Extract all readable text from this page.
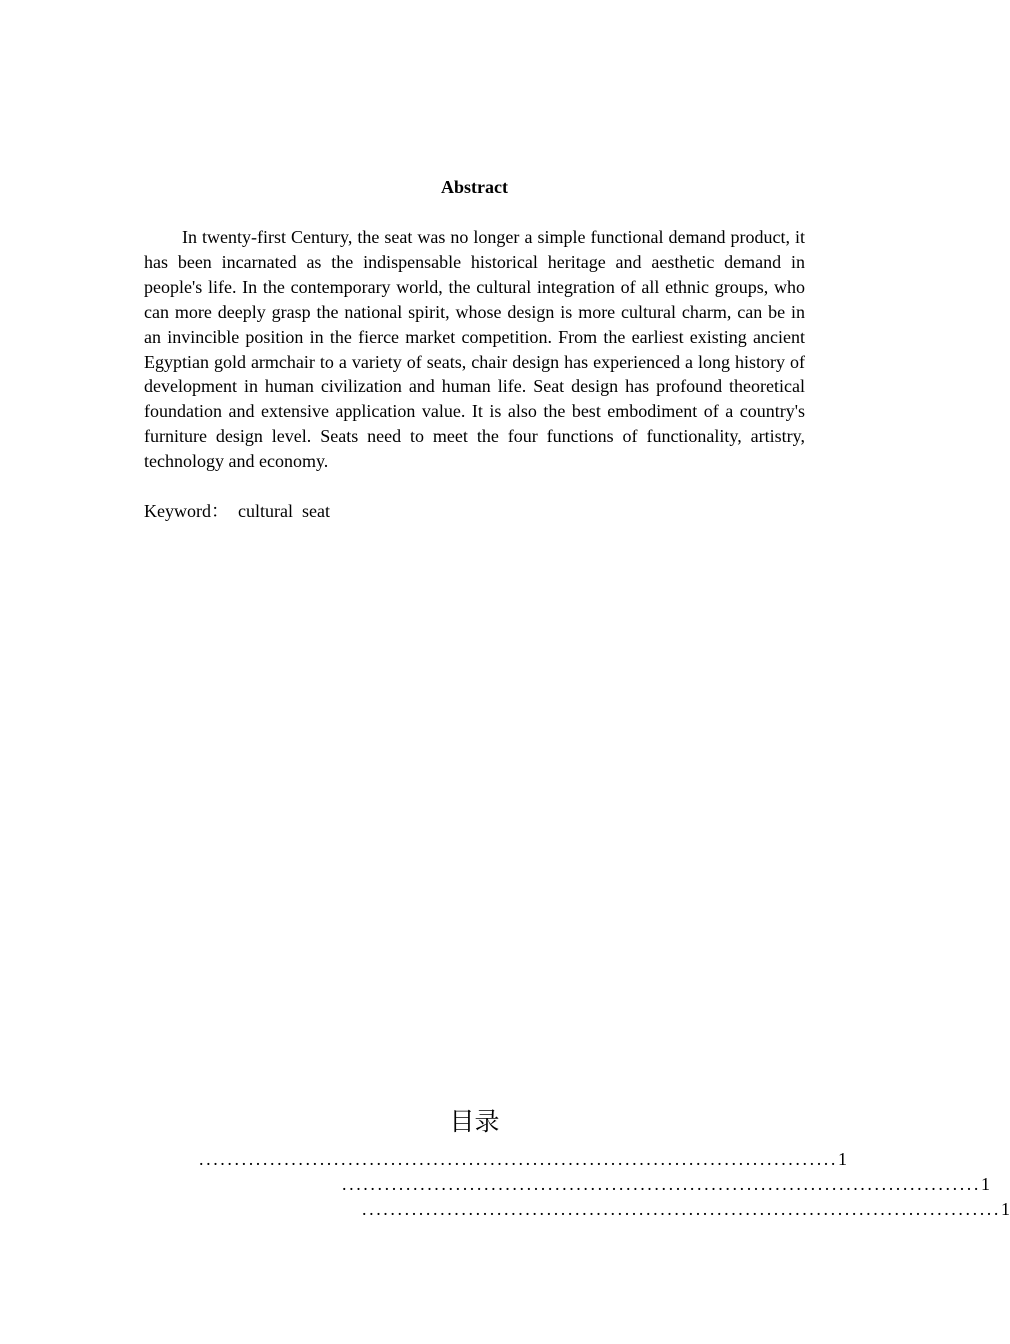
Abstract

In twenty-first Century, the seat was no longer a simple functional demand product, it has been incarnated as the indispensable historical heritage and aesthetic demand in people's life. In the contemporary world, the cultural integration of all ethnic groups, who can more deeply grasp the national spirit, whose design is more cultural charm, can be in an invincible position in the fierce market competition. From the earliest existing ancient Egyptian gold armchair to a variety of seats, chair design has experienced a long history of development in human civilization and human life. Seat design has profound theoretical foundation and extensive application value. It is also the best embodiment of a country's furniture design level. Seats need to meet the four functions of functionality, artistry, technology and economy.

Keyword： cultural  seat
目录
..........................................................................................1
..........................................................................................1
..........................................................................................1
